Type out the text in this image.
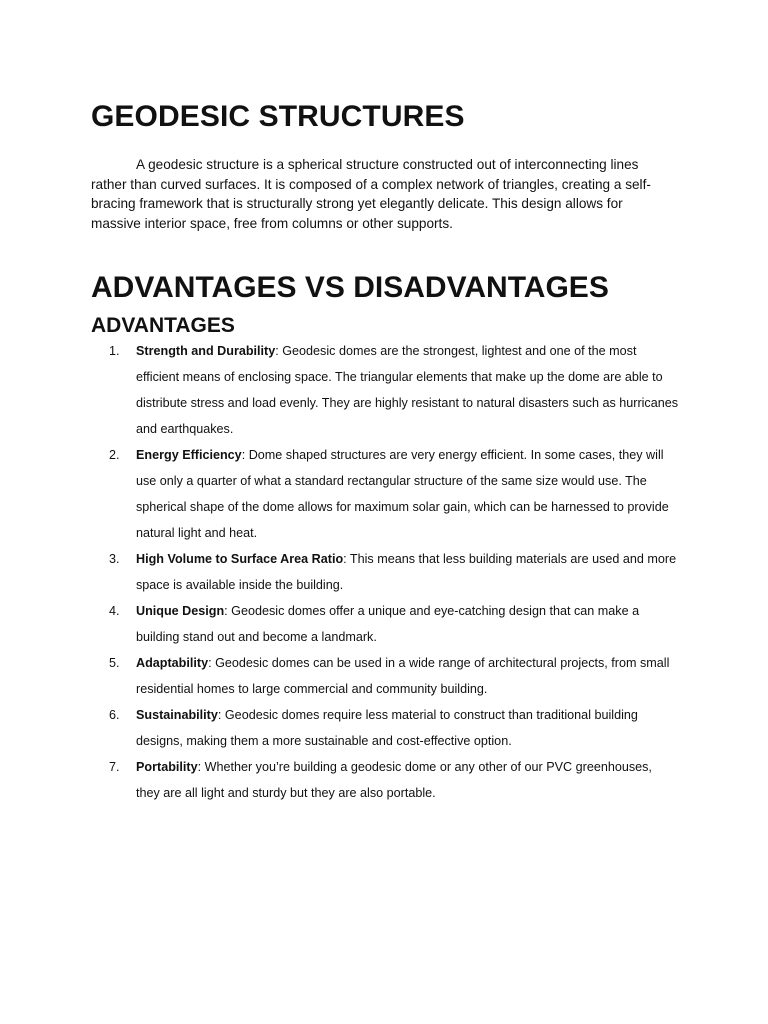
GEODESIC STRUCTURES

A geodesic structure is a spherical structure constructed out of interconnecting lines rather than curved surfaces. It is composed of a complex network of triangles, creating a self-bracing framework that is structurally strong yet elegantly delicate. This design allows for massive interior space, free from columns or other supports.

ADVANTAGES VS DISADVANTAGES
ADVANTAGES
1.	Strength and Durability: Geodesic domes are the strongest, lightest and one of the most efficient means of enclosing space. The triangular elements that make up the dome are able to distribute stress and load evenly. They are highly resistant to natural disasters such as hurricanes and earthquakes.
2.	Energy Efficiency: Dome shaped structures are very energy efficient. In some cases, they will use only a quarter of what a standard rectangular structure of the same size would use. The spherical shape of the dome allows for maximum solar gain, which can be harnessed to provide natural light and heat.
3.	High Volume to Surface Area Ratio: This means that less building materials are used and more space is available inside the building.
4.	Unique Design: Geodesic domes offer a unique and eye-catching design that can make a building stand out and become a landmark.
5.	Adaptability: Geodesic domes can be used in a wide range of architectural projects, from small residential homes to large commercial and community building.
6.	Sustainability: Geodesic domes require less material to construct than traditional building designs, making them a more sustainable and cost-effective option.
7.	Portability: Whether you’re building a geodesic dome or any other of our PVC greenhouses, they are all light and sturdy but they are also portable.
